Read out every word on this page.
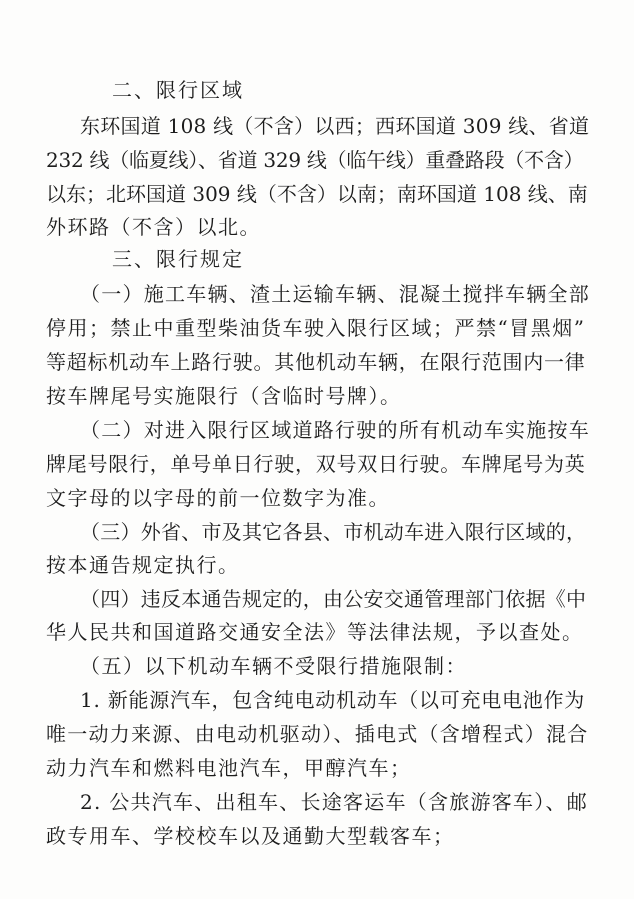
二、限行区域
东环国道 108 线（不含）以西；西环国道 309 线、省道
232 线（临夏线）、省道 329 线（临午线）重叠路段（不含）
以东；北环国道 309 线（不含）以南；南环国道 108 线、南
外环路（不含）以北。
三、限行规定
（一）施工车辆、渣土运输车辆、混凝土搅拌车辆全部
停用；禁止中重型柴油货车驶入限行区域；严禁“冒黑烟”
等超标机动车上路行驶。其他机动车辆，在限行范围内一律
按车牌尾号实施限行（含临时号牌）。
（二）对进入限行区域道路行驶的所有机动车实施按车
牌尾号限行，单号单日行驶，双号双日行驶。车牌尾号为英
文字母的以字母的前一位数字为准。
（三）外省、市及其它各县、市机动车进入限行区域的，
按本通告规定执行。
（四）违反本通告规定的，由公安交通管理部门依据《中
华人民共和国道路交通安全法》等法律法规，予以查处。
（五）以下机动车辆不受限行措施限制：
1. 新能源汽车，包含纯电动机动车（以可充电电池作为
唯一动力来源、由电动机驱动）、插电式（含增程式）混合
动力汽车和燃料电池汽车，甲醇汽车；
2. 公共汽车、出租车、长途客运车（含旅游客车）、邮
政专用车、学校校车以及通勤大型载客车；
